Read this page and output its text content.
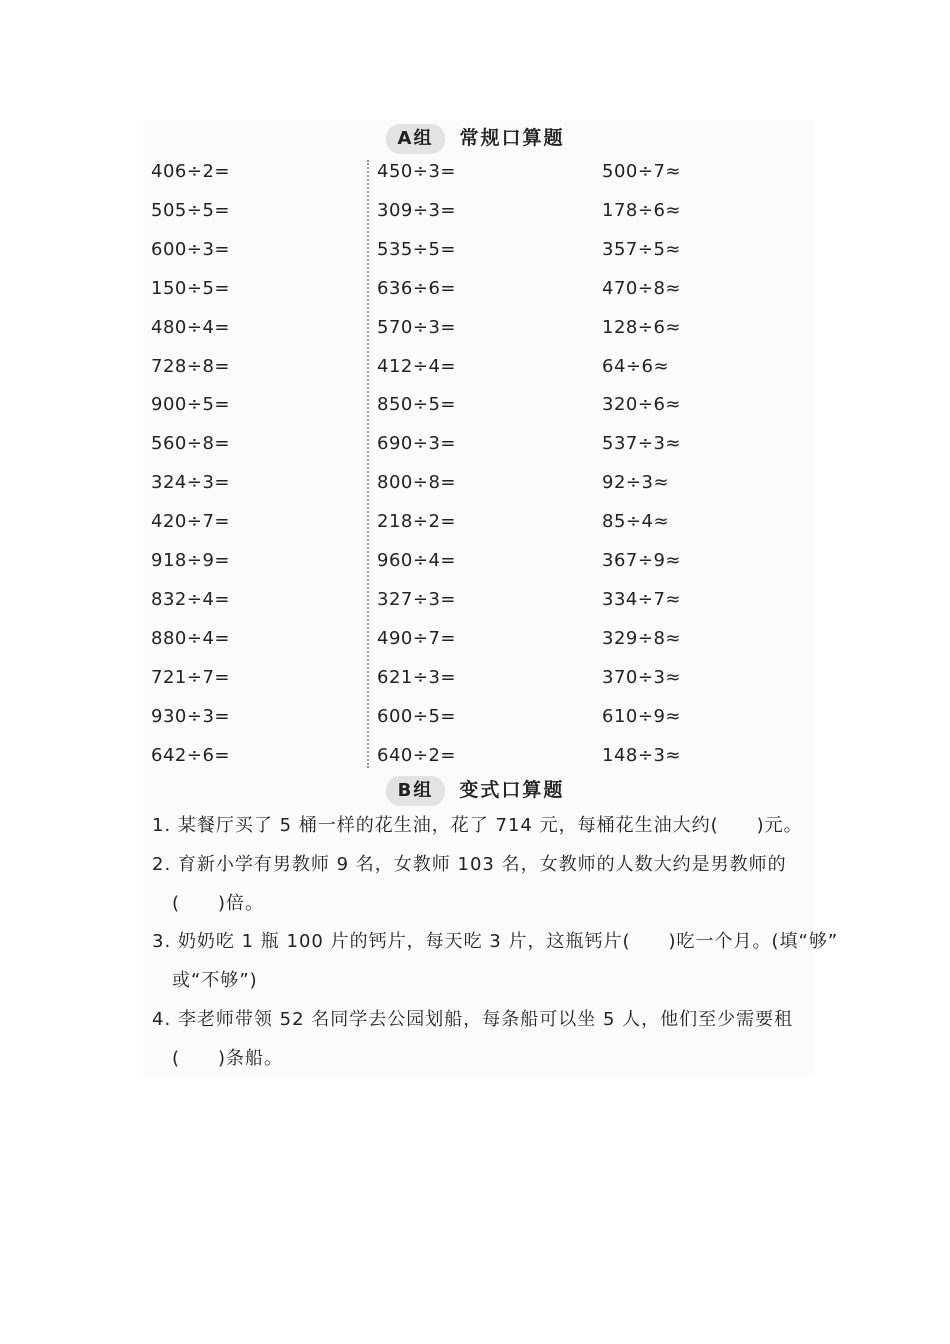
A组 常规口算题
406÷2=
505÷5=
600÷3=
150÷5=
480÷4=
728÷8=
900÷5=
560÷8=
324÷3=
420÷7=
918÷9=
832÷4=
880÷4=
721÷7=
930÷3=
642÷6=
450÷3=
309÷3=
535÷5=
636÷6=
570÷3=
412÷4=
850÷5=
690÷3=
800÷8=
218÷2=
960÷4=
327÷3=
490÷7=
621÷3=
600÷5=
640÷2=
500÷7≈
178÷6≈
357÷5≈
470÷8≈
128÷6≈
64÷6≈
320÷6≈
537÷3≈
92÷3≈
85÷4≈
367÷9≈
334÷7≈
329÷8≈
370÷3≈
610÷9≈
148÷3≈
B组 变式口算题
1. 某餐厅买了 5 桶一样的花生油，花了 714 元，每桶花生油大约(　　)元。
2. 育新小学有男教师 9 名，女教师 103 名，女教师的人数大约是男教师的
(　　)倍。
3. 奶奶吃 1 瓶 100 片的钙片，每天吃 3 片，这瓶钙片(　　)吃一个月。(填“够”
或“不够”)
4. 李老师带领 52 名同学去公园划船，每条船可以坐 5 人，他们至少需要租
(　　)条船。
